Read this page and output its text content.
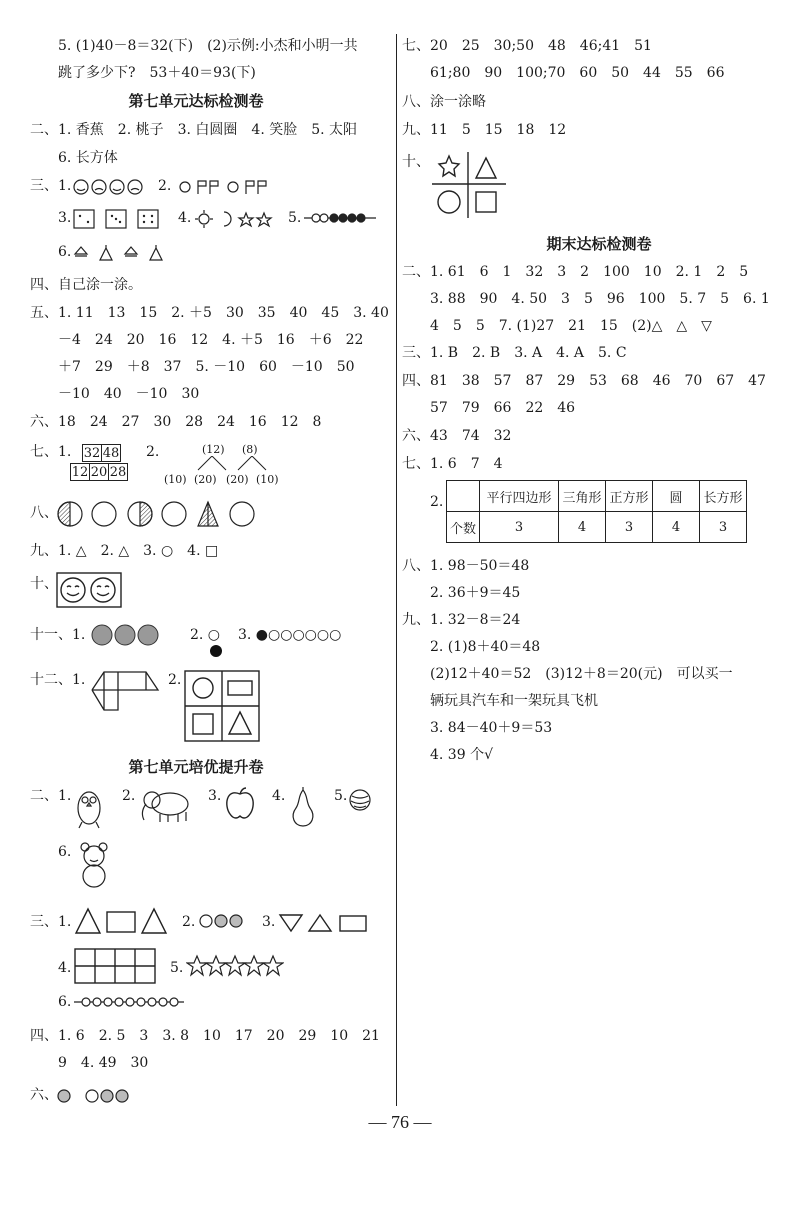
5. (1)40－8＝32(下)　(2)示例:小杰和小明一共
跳了多少下?　53＋40＝93(下)
第七单元达标检测卷
二、1. 香蕉　2. 桃子　3. 白圆圈　4. 笑脸　5. 太阳
6. 长方体
三、1.	2.
3.	4.	5.
6.
四、自己涂一涂。
五、1. 11　13　15　2. ＋5　30　35　40　45　3. 40
－4　24　20　16　12　4. ＋5　16　＋6　22
＋7　29　＋8　37　5. －10　60　－10　50
－10　40　－10　30
六、18　24　27　30　28　24　16　12　8
七、1. 32	48
12	20	28
2.	(12) (8)
(10) (20) (20) (10)
八、
九、1. △　2. △　3. ○　4. □
十、
十一、1.	2. ○ 3. ●○○○○○○
十二、1.	2.
第七单元培优提升卷
二、1.	2.	3.	4.	5.
6.
三、1.	2.	3.
4.	5.
6.
四、1. 6　2. 5　3　3. 8　10　17　20　29　10　21
9　4. 49　30
六、
七、20　25　30;50　48　46;41　51
61;80　90　100;70　60　50　44　55　66
八、涂一涂略
九、11　5　15　18　12
十、
期末达标检测卷
二、1. 61　6　1　32　3　2　100　10　2. 1　2　5
3. 88　90　4. 50　3　5　96　100　5. 7　5　6. 1
4　5　5　7. (1)27　21　15　(2)△　△　▽
三、1. B　2. B　3. A　4. A　5. C
四、81　38　57　87　29　53　68　46　70　67　47
57　79　66　22　46
六、43　74　32
七、1. 6　7　4
2.
		平行四边形	三角形	正方形	圆	长方形
个数	3	4	3	4	3
八、1. 98－50＝48
2. 36＋9＝45
九、1. 32－8＝24
2. (1)8＋40＝48
(2)12＋40＝52　(3)12＋8＝20(元)　可以买一
辆玩具汽车和一架玩具飞机
3. 84－40＋9＝53
4. 39 个√
— 76 —
